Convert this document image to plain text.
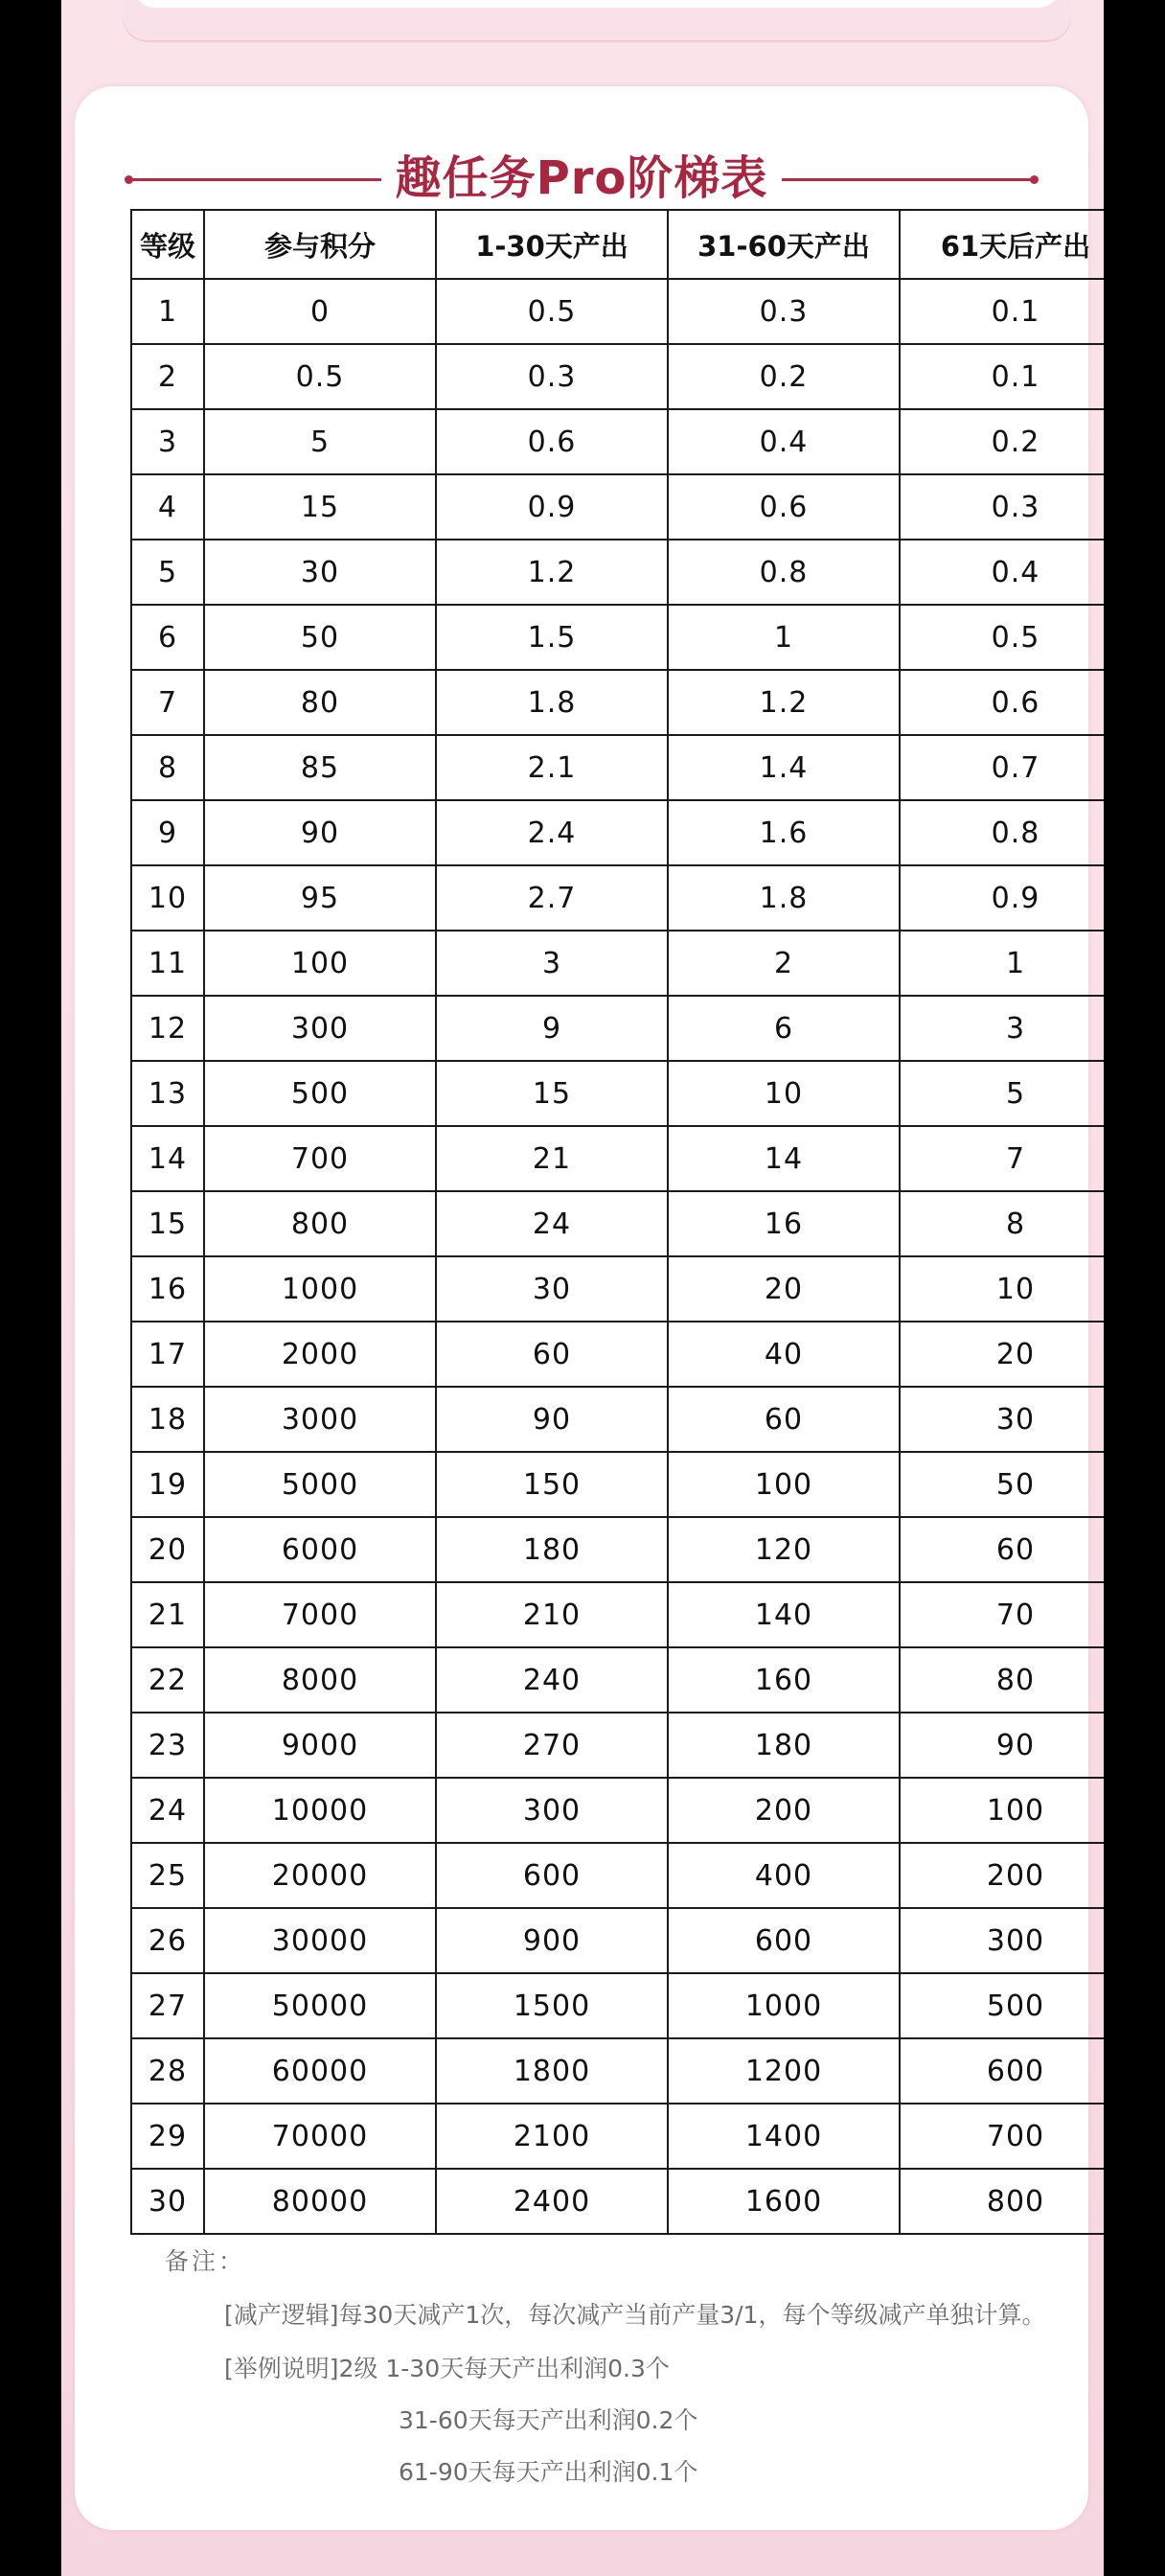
趣任务Pro阶梯表
等级	参与积分	1-30天产出	31-60天产出	61天后产出
1	0	0.5	0.3	0.1
2	0.5	0.3	0.2	0.1
3	5	0.6	0.4	0.2
4	15	0.9	0.6	0.3
5	30	1.2	0.8	0.4
6	50	1.5	1	0.5
7	80	1.8	1.2	0.6
8	85	2.1	1.4	0.7
9	90	2.4	1.6	0.8
10	95	2.7	1.8	0.9
11	100	3	2	1
12	300	9	6	3
13	500	15	10	5
14	700	21	14	7
15	800	24	16	8
16	1000	30	20	10
17	2000	60	40	20
18	3000	90	60	30
19	5000	150	100	50
20	6000	180	120	60
21	7000	210	140	70
22	8000	240	160	80
23	9000	270	180	90
24	10000	300	200	100
25	20000	600	400	200
26	30000	900	600	300
27	50000	1500	1000	500
28	60000	1800	1200	600
29	70000	2100	1400	700
30	80000	2400	1600	800
备注：
[减产逻辑]每30天减产1次，每次减产当前产量3/1，每个等级减产单独计算。
[举例说明]2级 1-30天每天产出利润0.3个
31-60天每天产出利润0.2个
61-90天每天产出利润0.1个
